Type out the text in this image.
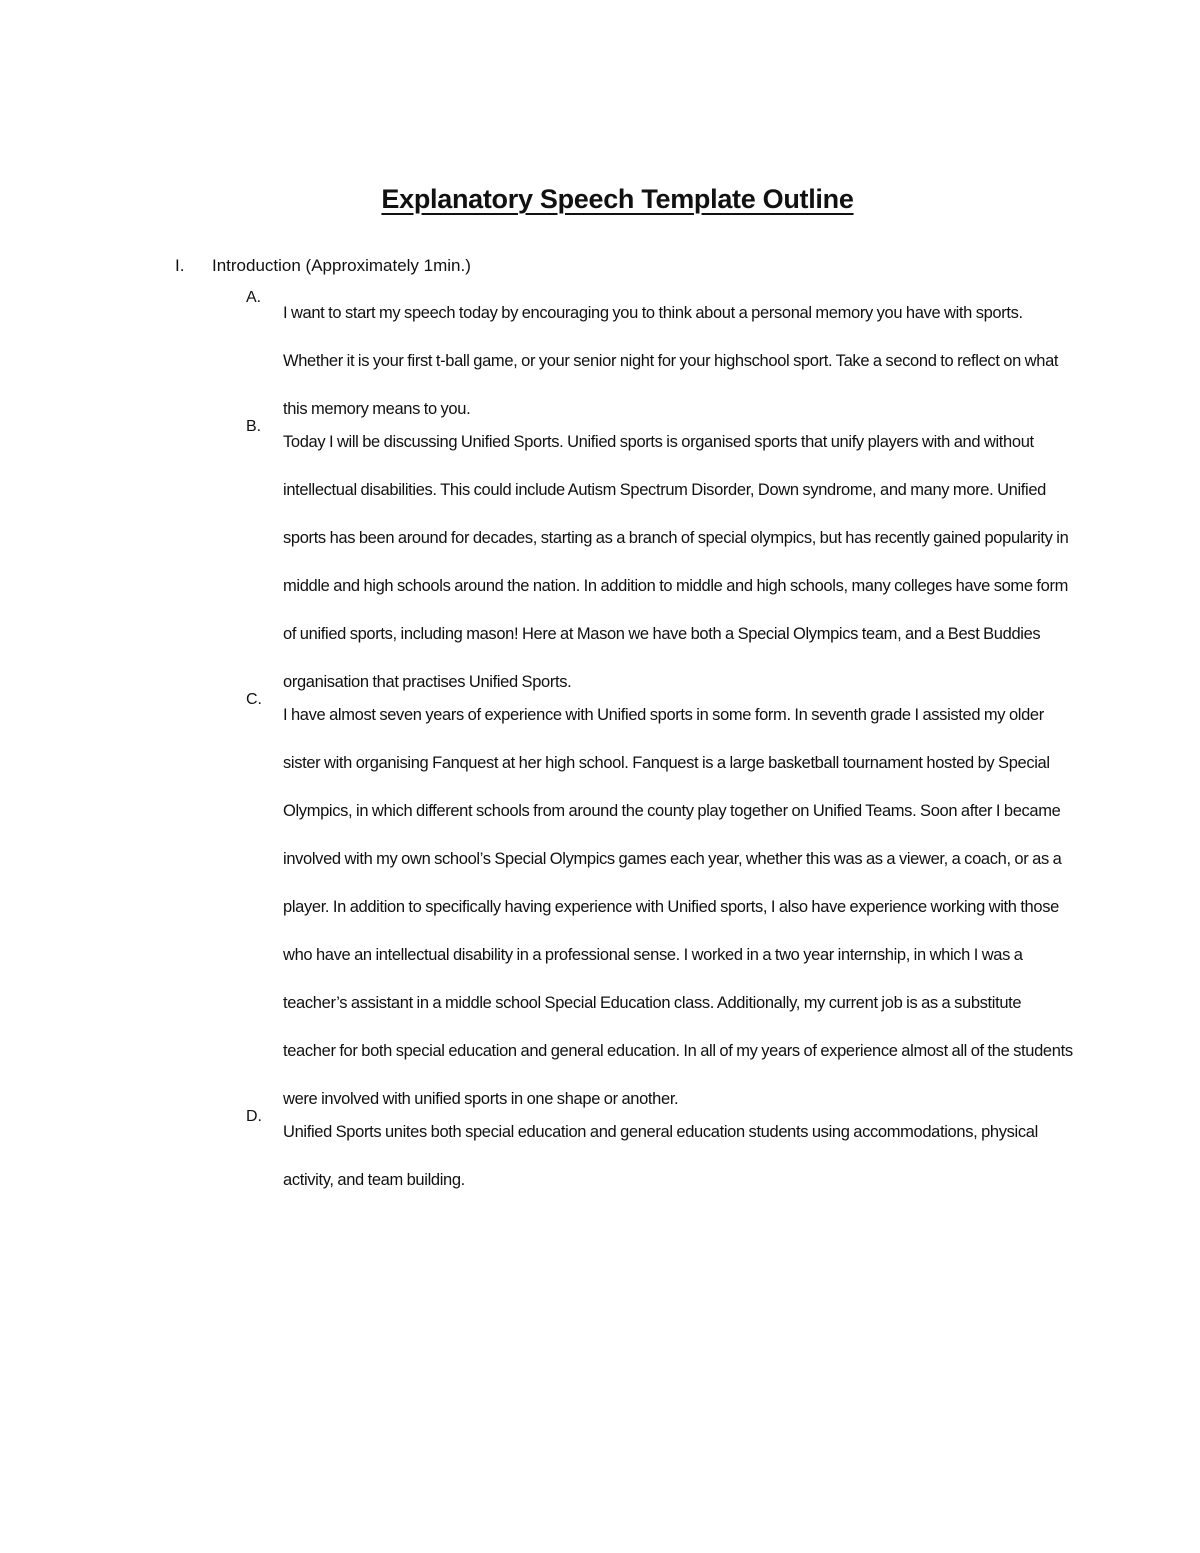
Explanatory Speech Template Outline
I. Introduction (Approximately 1min.)
A.
I want to start my speech today by encouraging you to think about a personal memory you have with sports. Whether it is your first t-ball game, or your senior night for your highschool sport. Take a second to reflect on what this memory means to you.
B.
Today I will be discussing Unified Sports. Unified sports is organised sports that unify players with and without intellectual disabilities. This could include Autism Spectrum Disorder, Down syndrome, and many more. Unified sports has been around for decades, starting as a branch of special olympics, but has recently gained popularity in middle and high schools around the nation. In addition to middle and high schools, many colleges have some form of unified sports, including mason! Here at Mason we have both a Special Olympics team, and a Best Buddies organisation that practises Unified Sports.
C.
I have almost seven years of experience with Unified sports in some form. In seventh grade I assisted my older sister with organising Fanquest at her high school. Fanquest is a large basketball tournament hosted by Special Olympics, in which different schools from around the county play together on Unified Teams. Soon after I became involved with my own school’s Special Olympics games each year, whether this was as a viewer, a coach, or as a player. In addition to specifically having experience with Unified sports, I also have experience working with those who have an intellectual disability in a professional sense. I worked in a two year internship, in which I was a teacher’s assistant in a middle school Special Education class. Additionally, my current job is as a substitute teacher for both special education and general education. In all of my years of experience almost all of the students were involved with unified sports in one shape or another.
D.
Unified Sports unites both special education and general education students using accommodations, physical activity, and team building.
